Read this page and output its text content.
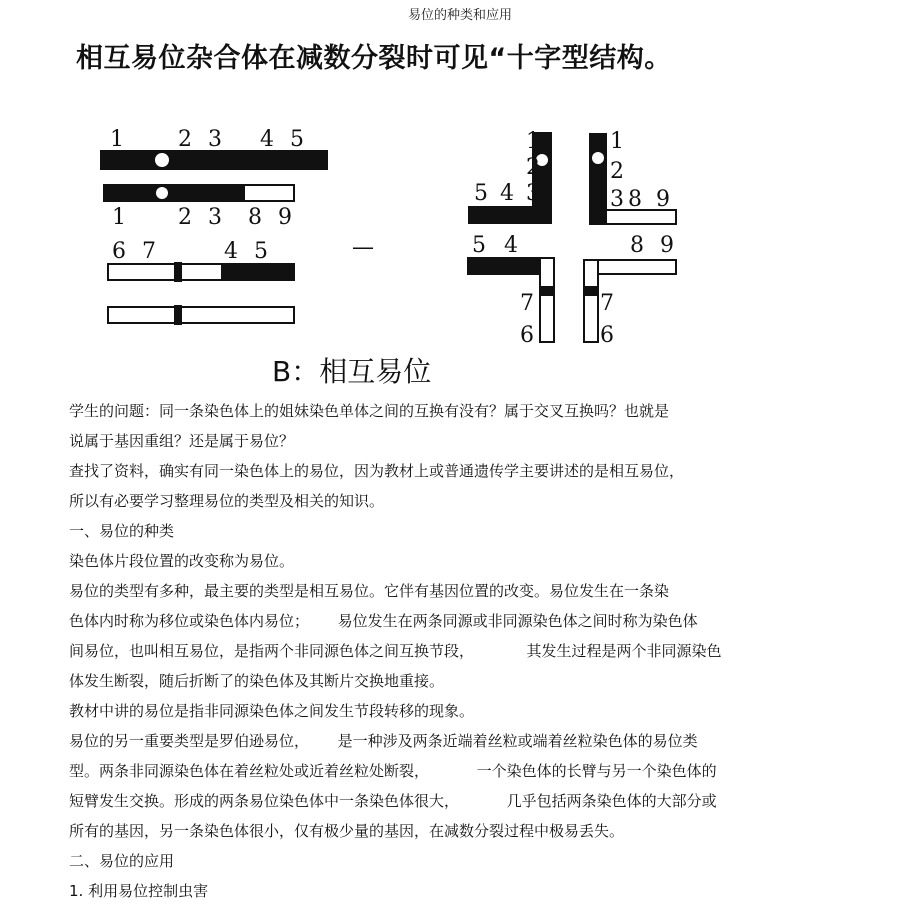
易位的种类和应用
相互易位杂合体在减数分裂时可见“十字型结构。
1 2 3 4 5
1 2 3 8 9
6 7	4 5	—
1
2
3
5 4
1
2
3 8 9
5 4
7
6
8 9
7
6
B：相互易位
学生的问题：同一条染色体上的姐妹染色单体之间的互换有没有？属于交叉互换吗？也就是
说属于基因重组？还是属于易位？
查找了资料，确实有同一染色体上的易位，因为教材上或普通遗传学主要讲述的是相互易位，
所以有必要学习整理易位的类型及相关的知识。
一、易位的种类
染色体片段位置的改变称为易位。
易位的类型有多种，最主要的类型是相互易位。它伴有基因位置的改变。易位发生在一条染
色体内时称为移位或染色体内易位；      易位发生在两条同源或非同源染色体之间时称为染色体
间易位，也叫相互易位，是指两个非同源色体之间互换节段，           其发生过程是两个非同源染色
体发生断裂，随后折断了的染色体及其断片交换地重接。
教材中讲的易位是指非同源染色体之间发生节段转移的现象。
易位的另一重要类型是罗伯逊易位，      是一种涉及两条近端着丝粒或端着丝粒染色体的易位类
型。两条非同源染色体在着丝粒处或近着丝粒处断裂，          一个染色体的长臂与另一个染色体的
短臂发生交换。形成的两条易位染色体中一条染色体很大，          几乎包括两条染色体的大部分或
所有的基因，另一条染色体很小，仅有极少量的基因，在减数分裂过程中极易丢失。
二、易位的应用
1. 利用易位控制虫害
